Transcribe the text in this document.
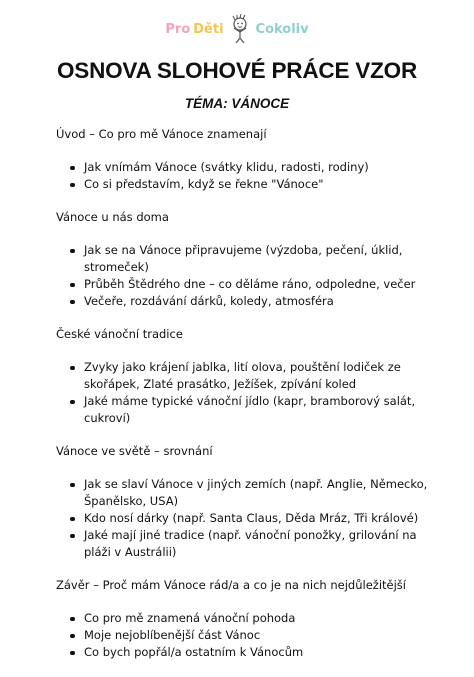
Pro Děti Cokoliv
OSNOVA SLOHOVÉ PRÁCE VZOR
TÉMA: VÁNOCE

Úvod – Co pro mě Vánoce znamenají

Jak vnímám Vánoce (svátky klidu, radosti, rodiny)
Co si představím, když se řekne "Vánoce"

Vánoce u nás doma

Jak se na Vánoce připravujeme (výzdoba, pečení, úklid, stromeček)
Průběh Štědrého dne – co děláme ráno, odpoledne, večer
Večeře, rozdávání dárků, koledy, atmosféra

České vánoční tradice

Zvyky jako krájení jablka, lití olova, pouštění lodiček ze skořápek, Zlaté prasátko, Ježíšek, zpívání koled
Jaké máme typické vánoční jídlo (kapr, bramborový salát, cukroví)

Vánoce ve světě – srovnání

Jak se slaví Vánoce v jiných zemích (např. Anglie, Německo, Španělsko, USA)
Kdo nosí dárky (např. Santa Claus, Děda Mráz, Tři králové)
Jaké mají jiné tradice (např. vánoční ponožky, grilování na pláži v Austrálii)

Závěr – Proč mám Vánoce rád/a a co je na nich nejdůležitější

Co pro mě znamená vánoční pohoda
Moje nejoblíbenější část Vánoc
Co bych popřál/a ostatním k Vánocům
